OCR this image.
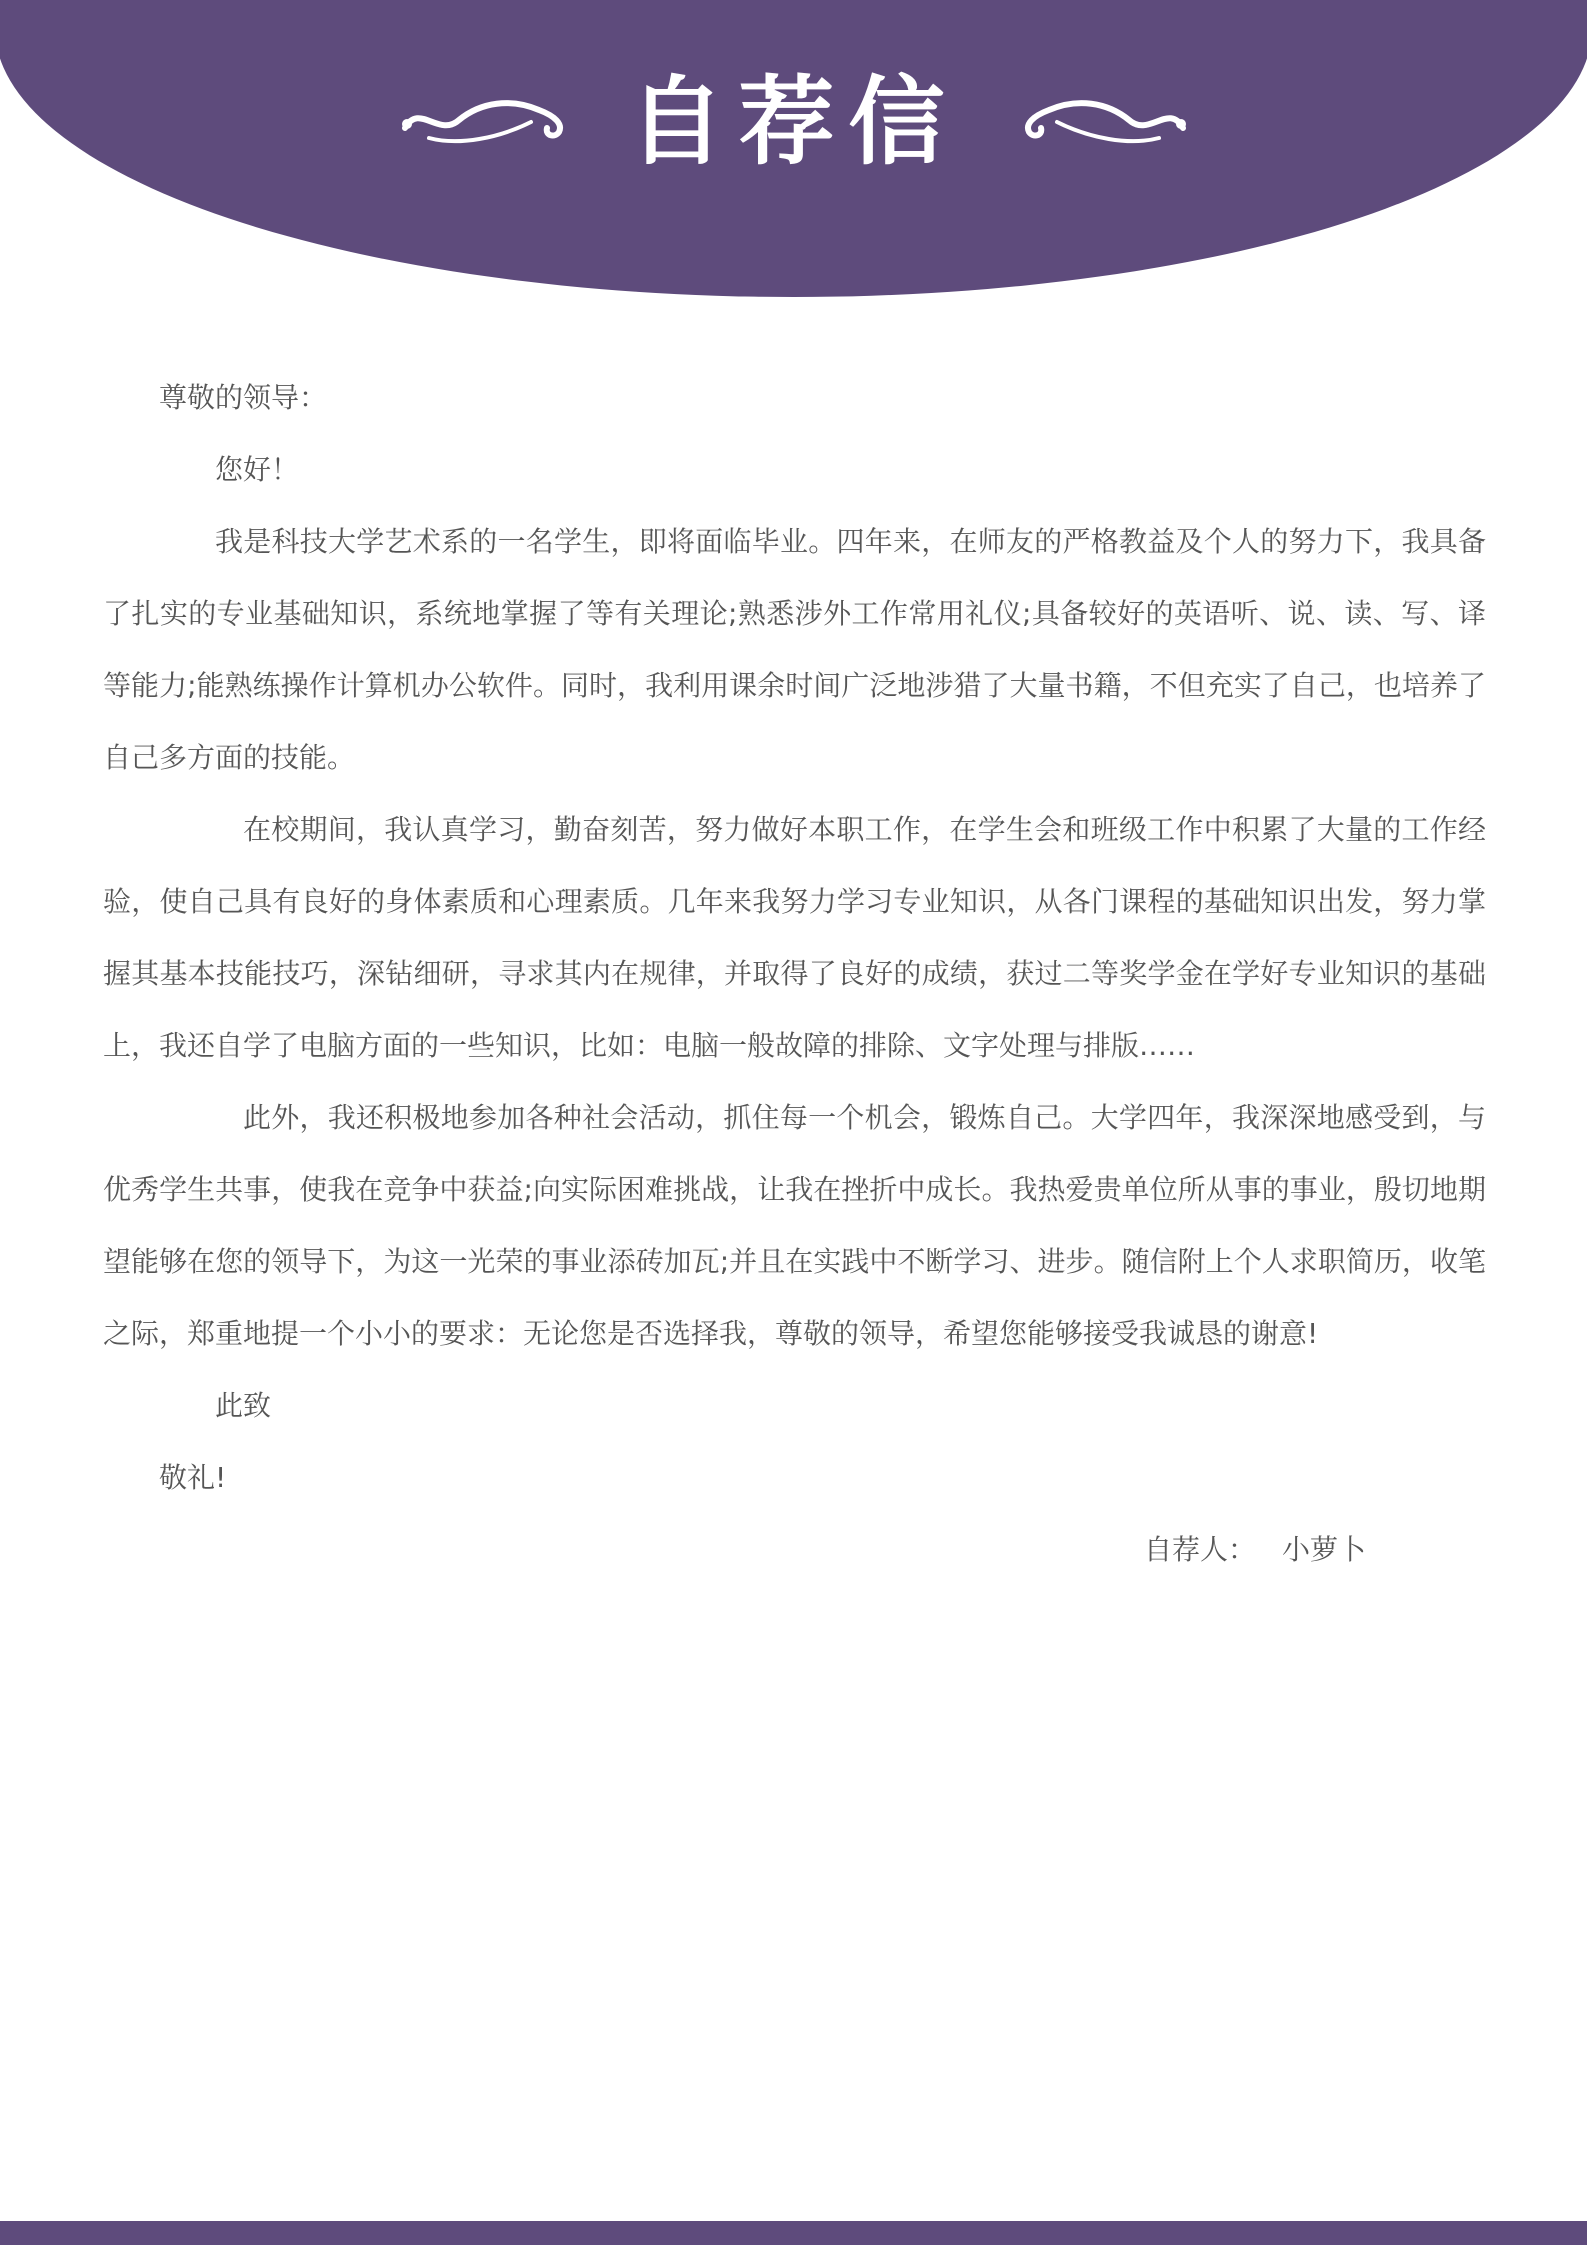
自荐信

尊敬的领导：

您好！

我是科技大学艺术系的一名学生，即将面临毕业。四年来，在师友的严格教益及个人的努力下，我具备了扎实的专业基础知识，系统地掌握了等有关理论;熟悉涉外工作常用礼仪;具备较好的英语听、说、读、写、译等能力;能熟练操作计算机办公软件。同时，我利用课余时间广泛地涉猎了大量书籍，不但充实了自己，也培养了自己多方面的技能。

在校期间，我认真学习，勤奋刻苦，努力做好本职工作，在学生会和班级工作中积累了大量的工作经验，使自己具有良好的身体素质和心理素质。几年来我努力学习专业知识，从各门课程的基础知识出发，努力掌握其基本技能技巧，深钻细研，寻求其内在规律，并取得了良好的成绩，获过二等奖学金在学好专业知识的基础上，我还自学了电脑方面的一些知识，比如：电脑一般故障的排除、文字处理与排版……

此外，我还积极地参加各种社会活动，抓住每一个机会，锻炼自己。大学四年，我深深地感受到，与优秀学生共事，使我在竞争中获益;向实际困难挑战，让我在挫折中成长。我热爱贵单位所从事的事业，殷切地期望能够在您的领导下，为这一光荣的事业添砖加瓦;并且在实践中不断学习、进步。随信附上个人求职简历，收笔之际，郑重地提一个小小的要求：无论您是否选择我，尊敬的领导，希望您能够接受我诚恳的谢意!

此致

敬礼!

自荐人： 小萝卜
